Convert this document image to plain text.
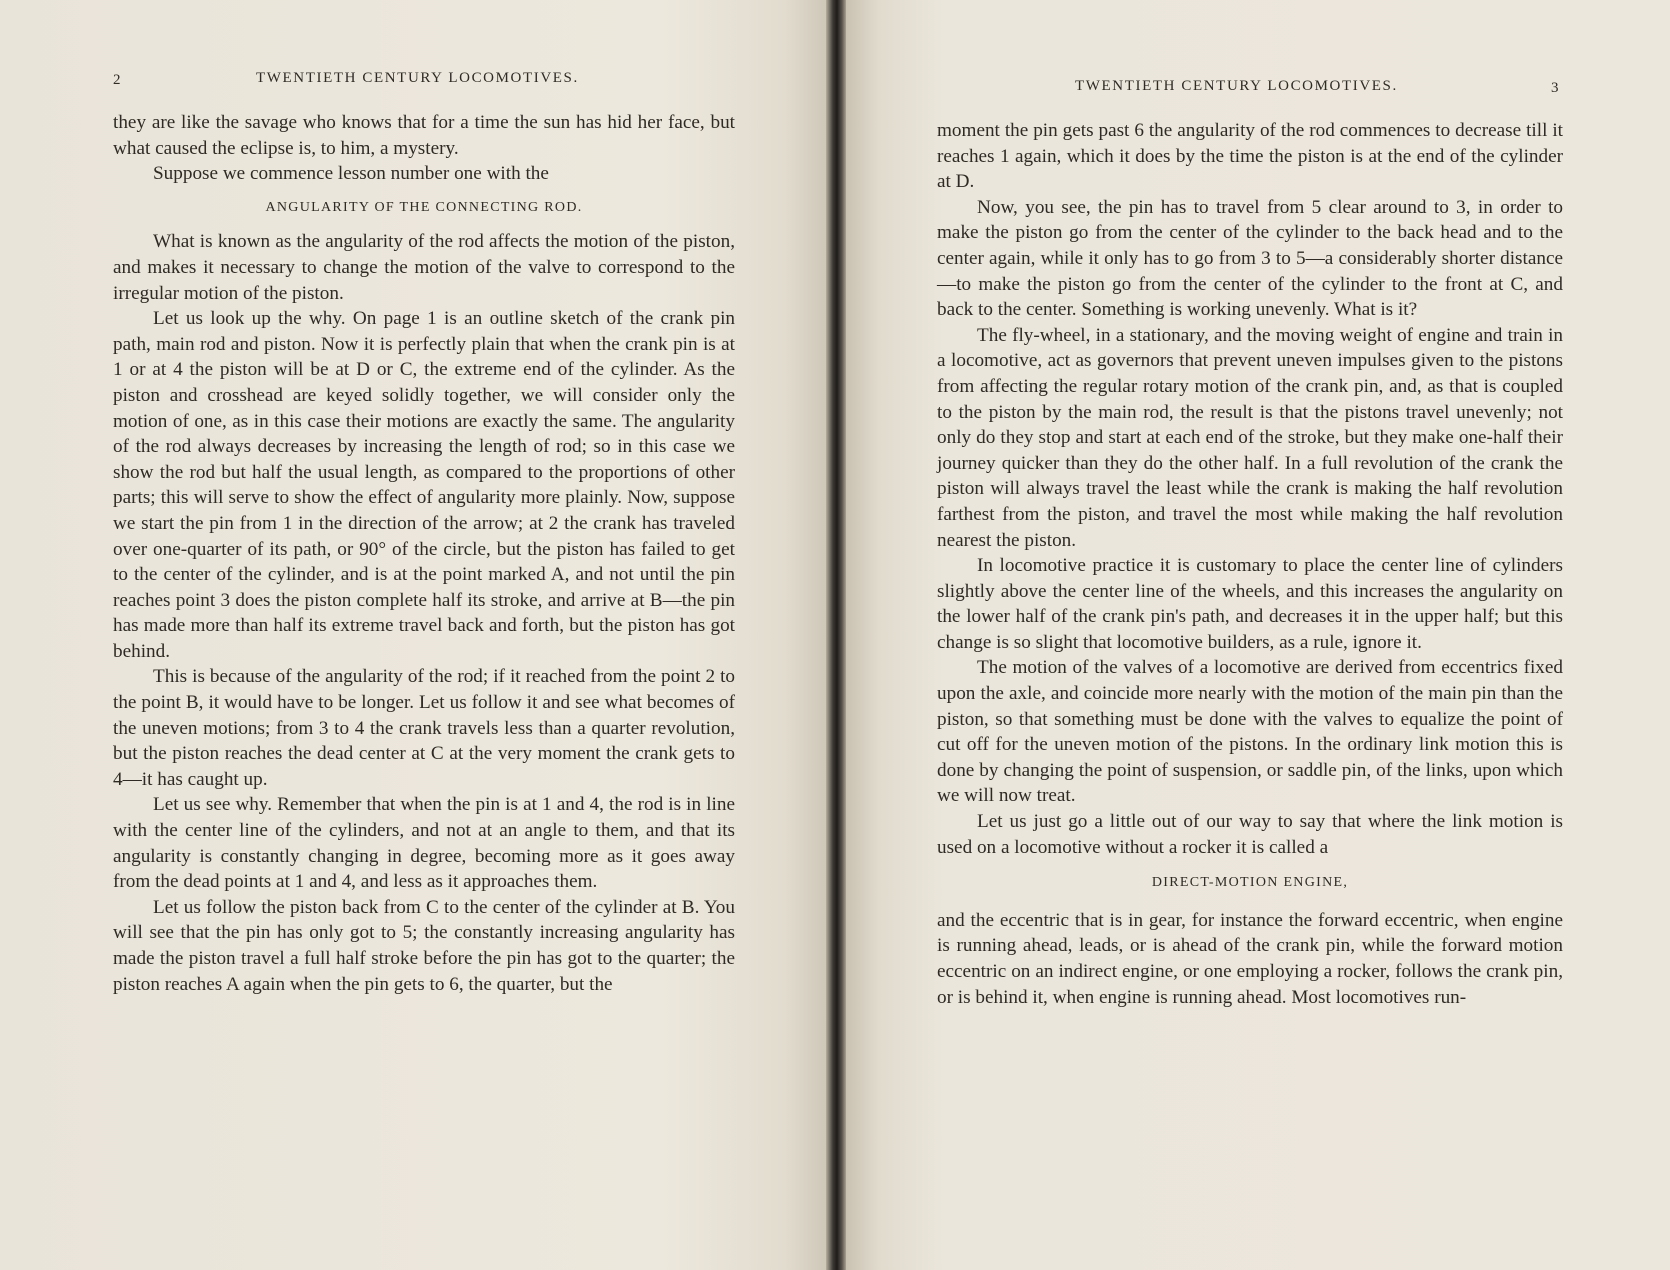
2	TWENTIETH CENTURY LOCOMOTIVES.

they are like the savage who knows that for a time the sun has hid her face, but what caused the eclipse is, to him, a mystery.

Suppose we commence lesson number one with the

ANGULARITY OF THE CONNECTING ROD.

What is known as the angularity of the rod affects the motion of the piston, and makes it necessary to change the motion of the valve to correspond to the irregular motion of the piston.

Let us look up the why. On page 1 is an outline sketch of the crank pin path, main rod and piston. Now it is perfectly plain that when the crank pin is at 1 or at 4 the piston will be at D or C, the extreme end of the cylinder. As the piston and crosshead are keyed solidly together, we will consider only the motion of one, as in this case their motions are exactly the same. The angularity of the rod always decreases by increasing the length of rod; so in this case we show the rod but half the usual length, as compared to the proportions of other parts; this will serve to show the effect of angularity more plainly. Now, suppose we start the pin from 1 in the direction of the arrow; at 2 the crank has traveled over one-quarter of its path, or 90° of the circle, but the piston has failed to get to the center of the cylinder, and is at the point marked A, and not until the pin reaches point 3 does the piston complete half its stroke, and arrive at B—the pin has made more than half its extreme travel back and forth, but the piston has got behind.

This is because of the angularity of the rod; if it reached from the point 2 to the point B, it would have to be longer. Let us follow it and see what becomes of the uneven motions; from 3 to 4 the crank travels less than a quarter revolution, but the piston reaches the dead center at C at the very moment the crank gets to 4—it has caught up.

Let us see why. Remember that when the pin is at 1 and 4, the rod is in line with the center line of the cylinders, and not at an angle to them, and that its angularity is constantly changing in degree, becoming more as it goes away from the dead points at 1 and 4, and less as it approaches them.

Let us follow the piston back from C to the center of the cylinder at B. You will see that the pin has only got to 5; the constantly increasing angularity has made the piston travel a full half stroke before the pin has got to the quarter; the piston reaches A again when the pin gets to 6, the quarter, but the

TWENTIETH CENTURY LOCOMOTIVES.	3

moment the pin gets past 6 the angularity of the rod commences to decrease till it reaches 1 again, which it does by the time the piston is at the end of the cylinder at D.

Now, you see, the pin has to travel from 5 clear around to 3, in order to make the piston go from the center of the cylinder to the back head and to the center again, while it only has to go from 3 to 5—a considerably shorter distance—to make the piston go from the center of the cylinder to the front at C, and back to the center. Something is working unevenly. What is it?

The fly-wheel, in a stationary, and the moving weight of engine and train in a locomotive, act as governors that prevent uneven impulses given to the pistons from affecting the regular rotary motion of the crank pin, and, as that is coupled to the piston by the main rod, the result is that the pistons travel unevenly; not only do they stop and start at each end of the stroke, but they make one-half their journey quicker than they do the other half. In a full revolution of the crank the piston will always travel the least while the crank is making the half revolution farthest from the piston, and travel the most while making the half revolution nearest the piston.

In locomotive practice it is customary to place the center line of cylinders slightly above the center line of the wheels, and this increases the angularity on the lower half of the crank pin's path, and decreases it in the upper half; but this change is so slight that locomotive builders, as a rule, ignore it.

The motion of the valves of a locomotive are derived from eccentrics fixed upon the axle, and coincide more nearly with the motion of the main pin than the piston, so that something must be done with the valves to equalize the point of cut off for the uneven motion of the pistons. In the ordinary link motion this is done by changing the point of suspension, or saddle pin, of the links, upon which we will now treat.

Let us just go a little out of our way to say that where the link motion is used on a locomotive without a rocker it is called a

DIRECT-MOTION ENGINE,

and the eccentric that is in gear, for instance the forward eccentric, when engine is running ahead, leads, or is ahead of the crank pin, while the forward motion eccentric on an indirect engine, or one employing a rocker, follows the crank pin, or is behind it, when engine is running ahead. Most locomotives run-
